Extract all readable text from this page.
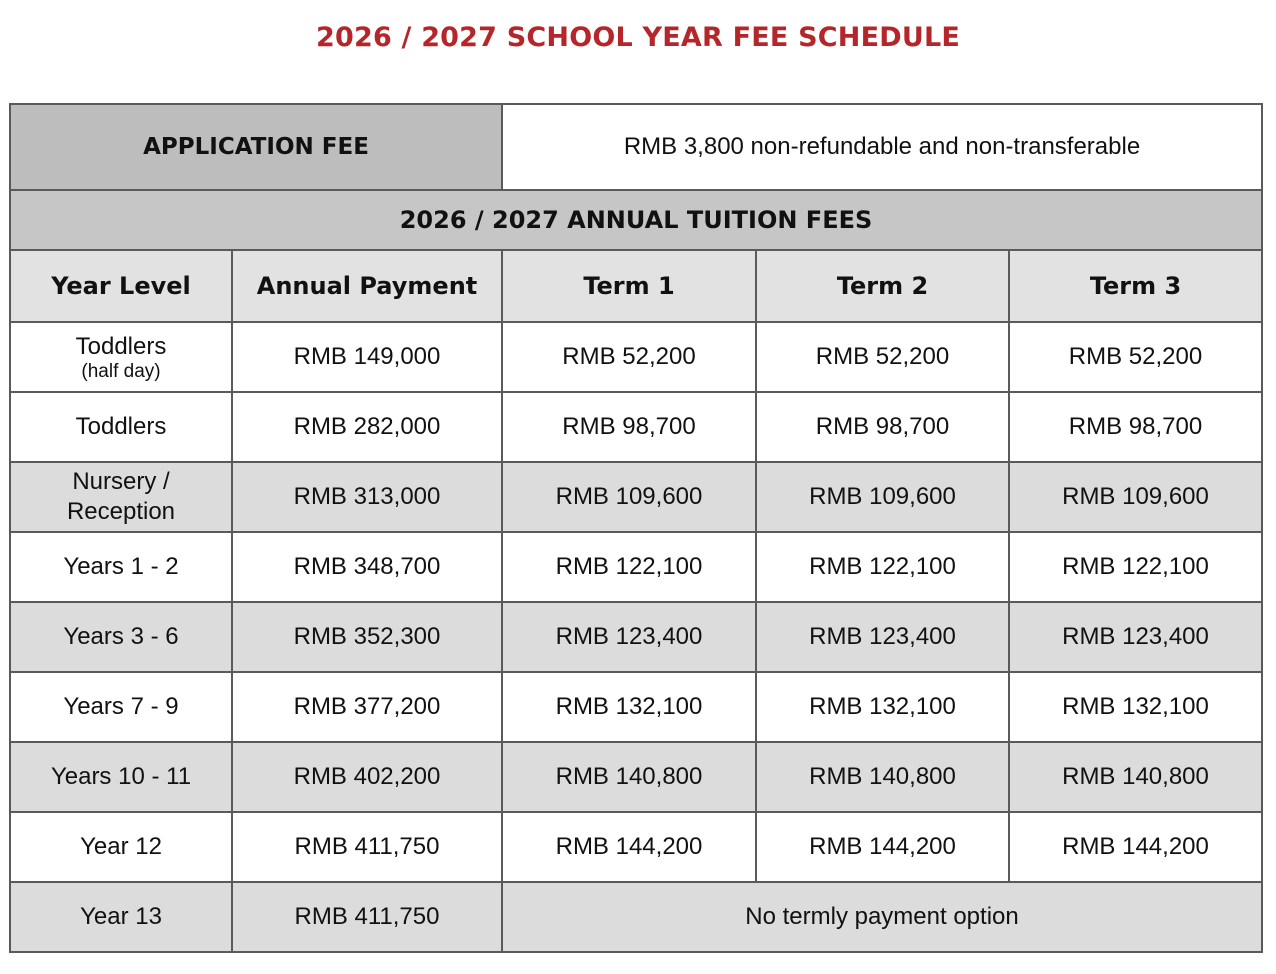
2026 / 2027 SCHOOL YEAR FEE SCHEDULE
APPLICATION FEE		RMB 3,800 non-refundable and non-transferable		
2026 / 2027 ANNUAL TUITION FEES				
Year Level	Annual Payment	Term 1	Term 2	Term 3

Toddlers
(half day)	RMB 149,000	RMB 52,200	RMB 52,200	RMB 52,200
Toddlers	RMB 282,000	RMB 98,700	RMB 98,700	RMB 98,700

Nursery /
Reception	RMB 313,000	RMB 109,600	RMB 109,600	RMB 109,600
Years 1 - 2	RMB 348,700	RMB 122,100	RMB 122,100	RMB 122,100
Years 3 - 6	RMB 352,300	RMB 123,400	RMB 123,400	RMB 123,400
Years 7 - 9	RMB 377,200	RMB 132,100	RMB 132,100	RMB 132,100
Years 10 - 11	RMB 402,200	RMB 140,800	RMB 140,800	RMB 140,800
Year 12	RMB 411,750	RMB 144,200	RMB 144,200	RMB 144,200
Year 13	RMB 411,750	No termly payment option		
